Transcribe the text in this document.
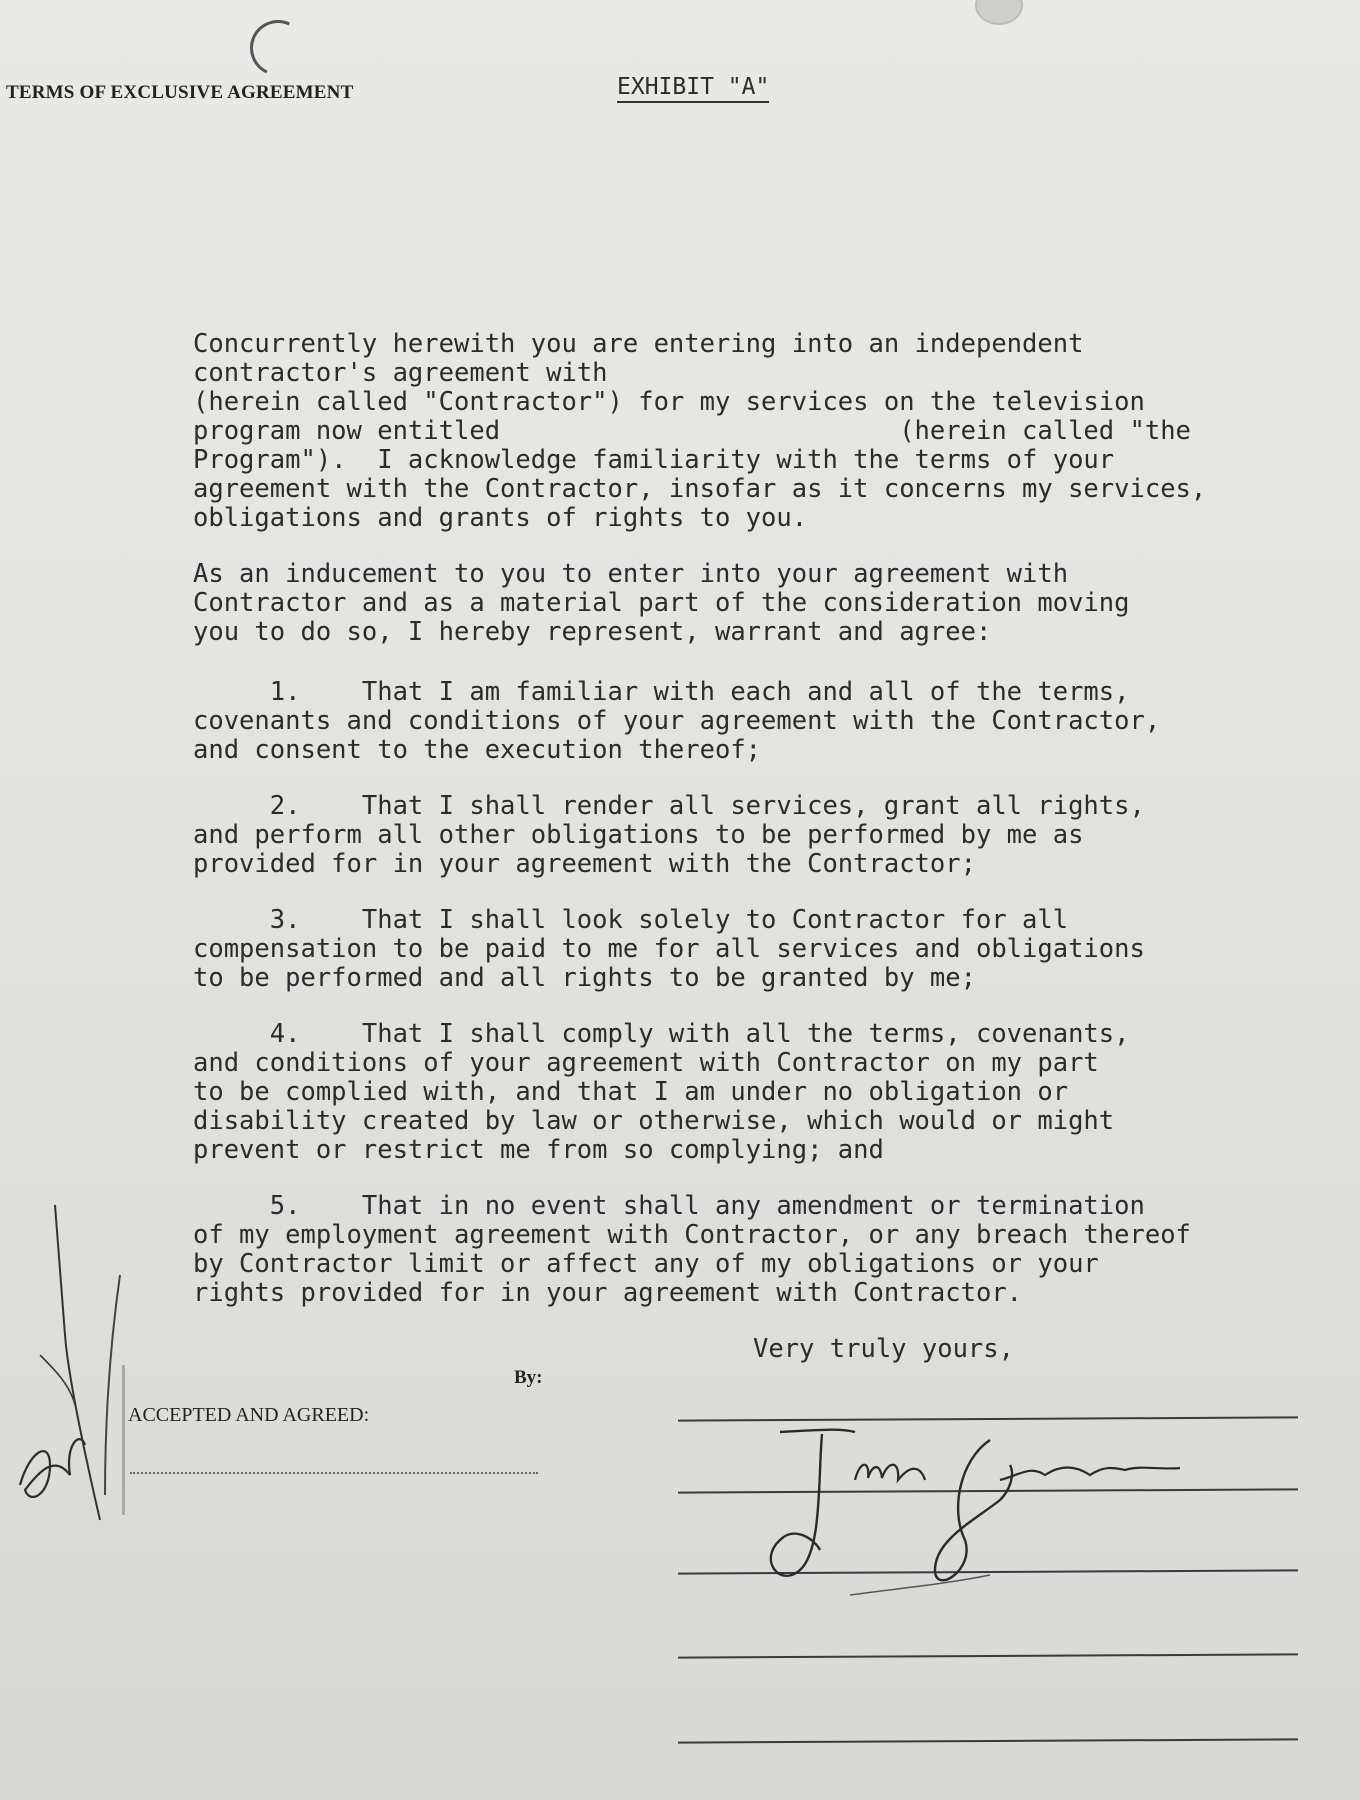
TERMS OF EXCLUSIVE AGREEMENT	EXHIBIT "A"

Concurrently herewith you are entering into an independent
contractor's agreement with
(herein called "Contractor") for my services on the television
program now entitled                          (herein called "the
Program").  I acknowledge familiarity with the terms of your
agreement with the Contractor, insofar as it concerns my services,
obligations and grants of rights to you.

As an inducement to you to enter into your agreement with
Contractor and as a material part of the consideration moving
you to do so, I hereby represent, warrant and agree:

1.    That I am familiar with each and all of the terms,
covenants and conditions of your agreement with the Contractor,
and consent to the execution thereof;

2.    That I shall render all services, grant all rights,
and perform all other obligations to be performed by me as
provided for in your agreement with the Contractor;

3.    That I shall look solely to Contractor for all
compensation to be paid to me for all services and obligations
to be performed and all rights to be granted by me;

4.    That I shall comply with all the terms, covenants,
and conditions of your agreement with Contractor on my part
to be complied with, and that I am under no obligation or
disability created by law or otherwise, which would or might
prevent or restrict me from so complying; and

5.    That in no event shall any amendment or termination
of my employment agreement with Contractor, or any breach thereof
by Contractor limit or affect any of my obligations or your
rights provided for in your agreement with Contractor.

Very truly yours,
By:
ACCEPTED AND AGREED:
